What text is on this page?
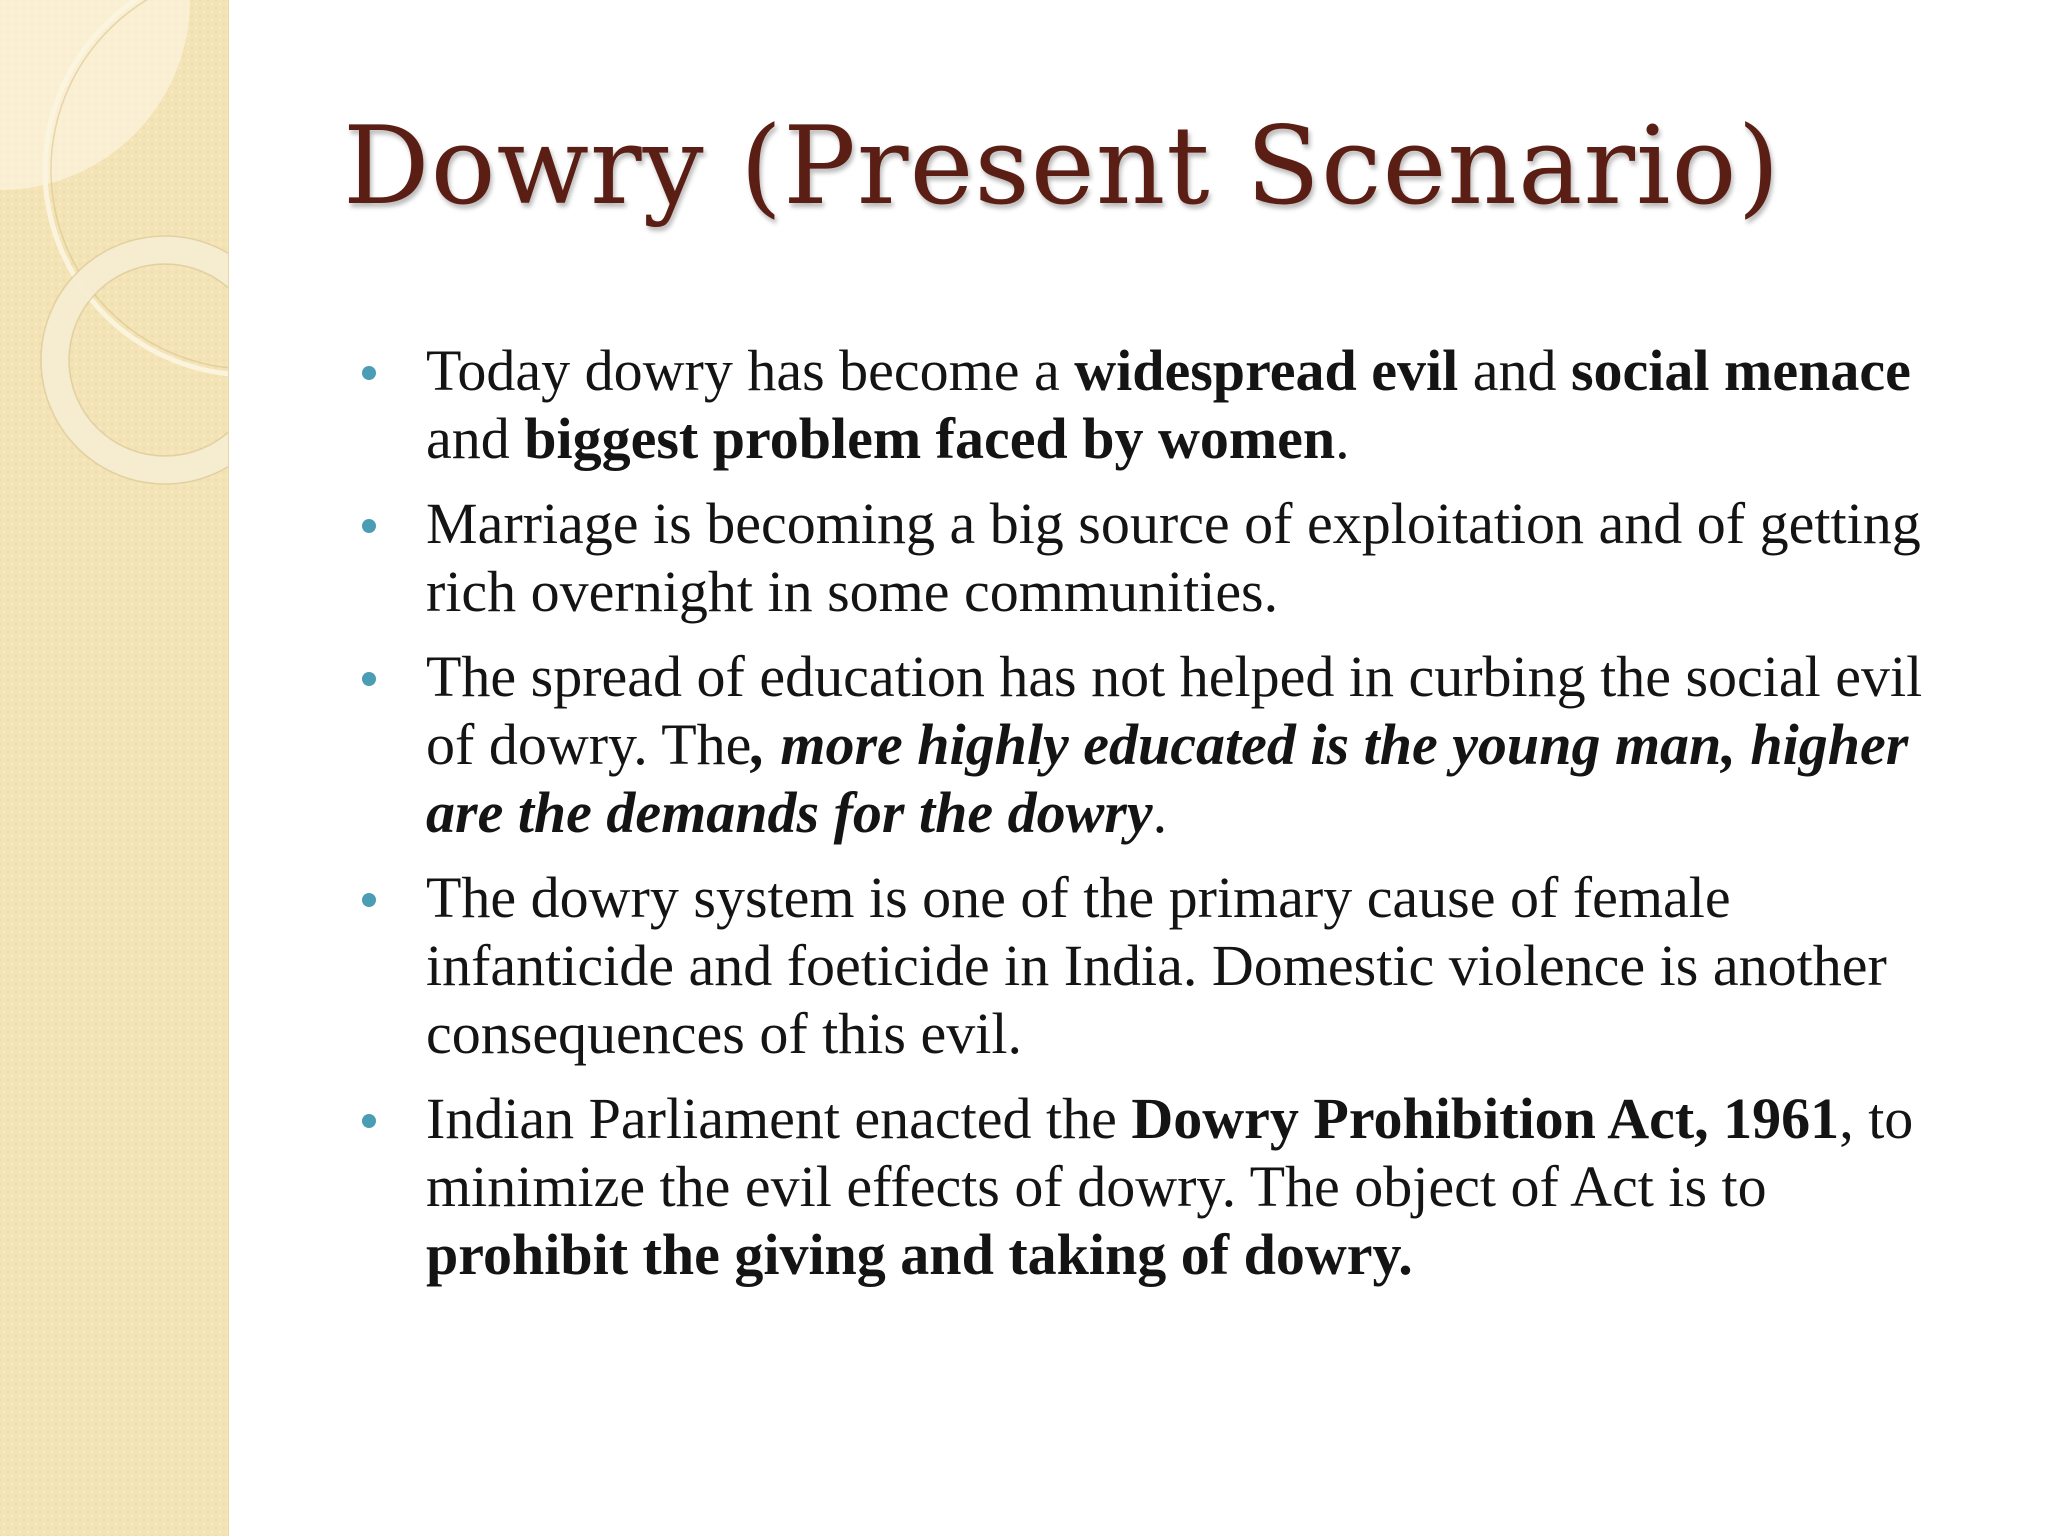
Dowry (Present Scenario)
Today dowry has become a widespread evil and social menace and biggest problem faced by women.
Marriage is becoming a big source of exploitation and of getting rich overnight in some communities.
The spread of education has not helped in curbing the social evil of dowry. The, more highly educated is the young man, higher are the demands for the dowry.
The dowry system is one of the primary cause of female infanticide and foeticide in India. Domestic violence is another consequences of this evil.
Indian Parliament enacted the Dowry Prohibition Act, 1961, to minimize the evil effects of dowry. The object of Act is to prohibit the giving and taking of dowry.
